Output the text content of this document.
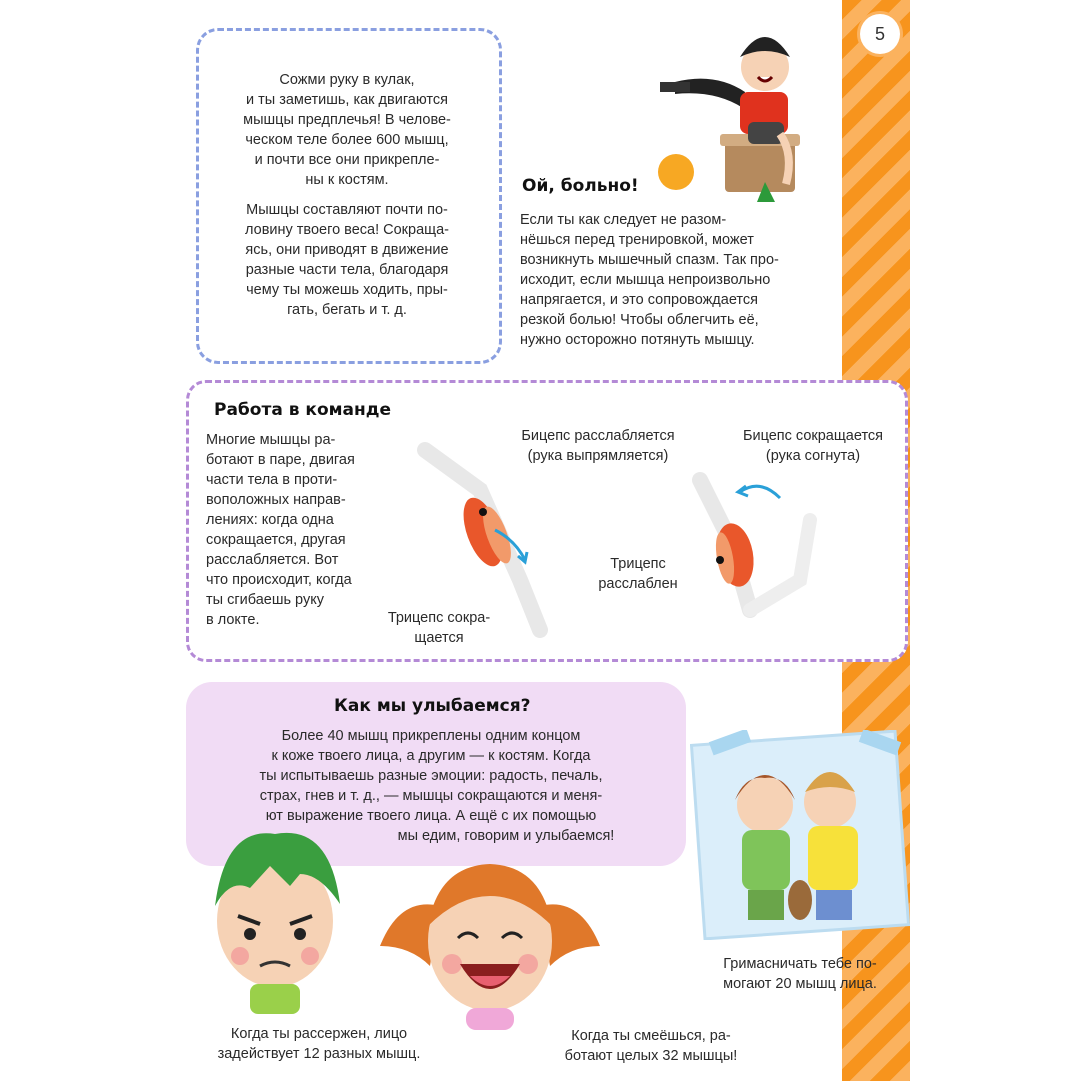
5

Сожми руку в кулак,

и ты заметишь, как двигаются

мышцы предплечья! В челове-

ческом теле более 600 мышц,

и почти все они прикрепле-

ны к костям.

Мышцы составляют почти по-

ловину твоего веса! Сокраща-

ясь, они приводят в движение

разные части тела, благодаря

чему ты можешь ходить, пры-

гать, бегать и т. д.

Ой, больно!

Если ты как следует не разом-

нёшься перед тренировкой, может

возникнуть мышечный спазм. Так про-

исходит, если мышца непроизвольно

напрягается, и это сопровождается

резкой болью! Чтобы облегчить её,

нужно осторожно потянуть мышцу.

Работа в команде

Многие мышцы ра-

ботают в паре, двигая

части тела в проти-

воположных направ-

лениях: когда одна

сокращается, другая

расслабляется. Вот

что происходит, когда

ты сгибаешь руку

в локте.

Бицепс расслабляется

(рука выпрямляется)

Трицепс сокра-

щается

Бицепс сокращается

(рука согнута)

Трицепс

расслаблен

Как мы улыбаемся?

Более 40 мышц прикреплены одним концом

к коже твоего лица, а другим — к костям. Когда

ты испытываешь разные эмоции: радость, печаль,

страх, гнев и т. д., — мышцы сокращаются и меня-

ют выражение твоего лица. А ещё с их помощью

мы едим, говорим и улыбаемся!

Гримасничать тебе по-

могают 20 мышц лица.

Когда ты рассержен, лицо

задействует 12 разных мышц.

Когда ты смеёшься, ра-

ботают целых 32 мышцы!
